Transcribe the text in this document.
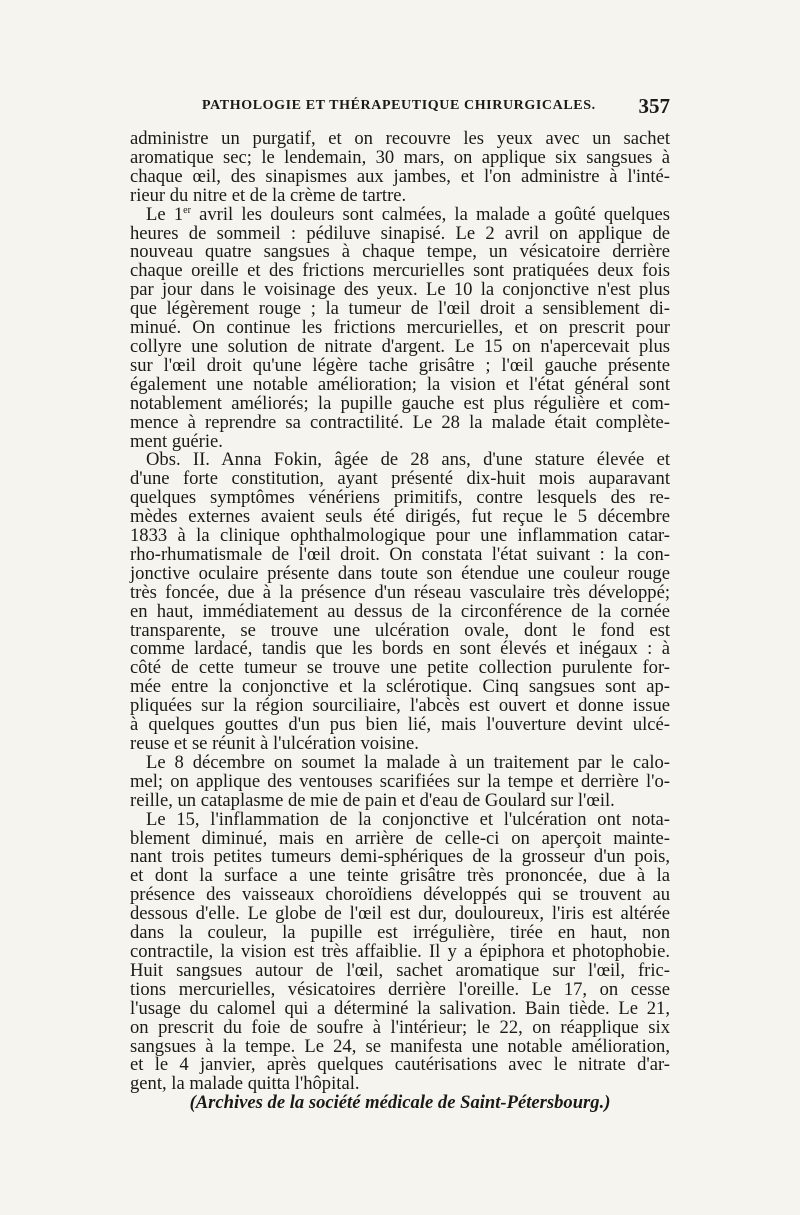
PATHOLOGIE ET THÉRAPEUTIQUE CHIRURGICALES. 357
administre un purgatif, et on recouvre les yeux avec un sachet
aromatique sec; le lendemain, 30 mars, on applique six sangsues à
chaque œil, des sinapismes aux jambes, et l'on administre à l'inté-
rieur du nitre et de la crème de tartre.
Le 1er avril les douleurs sont calmées, la malade a goûté quelques
heures de sommeil : pédiluve sinapisé. Le 2 avril on applique de
nouveau quatre sangsues à chaque tempe, un vésicatoire derrière
chaque oreille et des frictions mercurielles sont pratiquées deux fois
par jour dans le voisinage des yeux. Le 10 la conjonctive n'est plus
que légèrement rouge ; la tumeur de l'œil droit a sensiblement di-
minué. On continue les frictions mercurielles, et on prescrit pour
collyre une solution de nitrate d'argent. Le 15 on n'apercevait plus
sur l'œil droit qu'une légère tache grisâtre ; l'œil gauche présente
également une notable amélioration; la vision et l'état général sont
notablement améliorés; la pupille gauche est plus régulière et com-
mence à reprendre sa contractilité. Le 28 la malade était complète-
ment guérie.
Obs. II. Anna Fokin, âgée de 28 ans, d'une stature élevée et
d'une forte constitution, ayant présenté dix-huit mois auparavant
quelques symptômes vénériens primitifs, contre lesquels des re-
mèdes externes avaient seuls été dirigés, fut reçue le 5 décembre
1833 à la clinique ophthalmologique pour une inflammation catar-
rho-rhumatismale de l'œil droit. On constata l'état suivant : la con-
jonctive oculaire présente dans toute son étendue une couleur rouge
très foncée, due à la présence d'un réseau vasculaire très développé;
en haut, immédiatement au dessus de la circonférence de la cornée
transparente, se trouve une ulcération ovale, dont le fond est
comme lardacé, tandis que les bords en sont élevés et inégaux : à
côté de cette tumeur se trouve une petite collection purulente for-
mée entre la conjonctive et la sclérotique. Cinq sangsues sont ap-
pliquées sur la région sourciliaire, l'abcès est ouvert et donne issue
à quelques gouttes d'un pus bien lié, mais l'ouverture devint ulcé-
reuse et se réunit à l'ulcération voisine.
Le 8 décembre on soumet la malade à un traitement par le calo-
mel; on applique des ventouses scarifiées sur la tempe et derrière l'o-
reille, un cataplasme de mie de pain et d'eau de Goulard sur l'œil.
Le 15, l'inflammation de la conjonctive et l'ulcération ont nota-
blement diminué, mais en arrière de celle-ci on aperçoit mainte-
nant trois petites tumeurs demi-sphériques de la grosseur d'un pois,
et dont la surface a une teinte grisâtre très prononcée, due à la
présence des vaisseaux choroïdiens développés qui se trouvent au
dessous d'elle. Le globe de l'œil est dur, douloureux, l'iris est altérée
dans la couleur, la pupille est irrégulière, tirée en haut, non
contractile, la vision est très affaiblie. Il y a épiphora et photophobie.
Huit sangsues autour de l'œil, sachet aromatique sur l'œil, fric-
tions mercurielles, vésicatoires derrière l'oreille. Le 17, on cesse
l'usage du calomel qui a déterminé la salivation. Bain tiède. Le 21,
on prescrit du foie de soufre à l'intérieur; le 22, on réapplique six
sangsues à la tempe. Le 24, se manifesta une notable amélioration,
et le 4 janvier, après quelques cautérisations avec le nitrate d'ar-
gent, la malade quitta l'hôpital.
(Archives de la société médicale de Saint-Pétersbourg.)
